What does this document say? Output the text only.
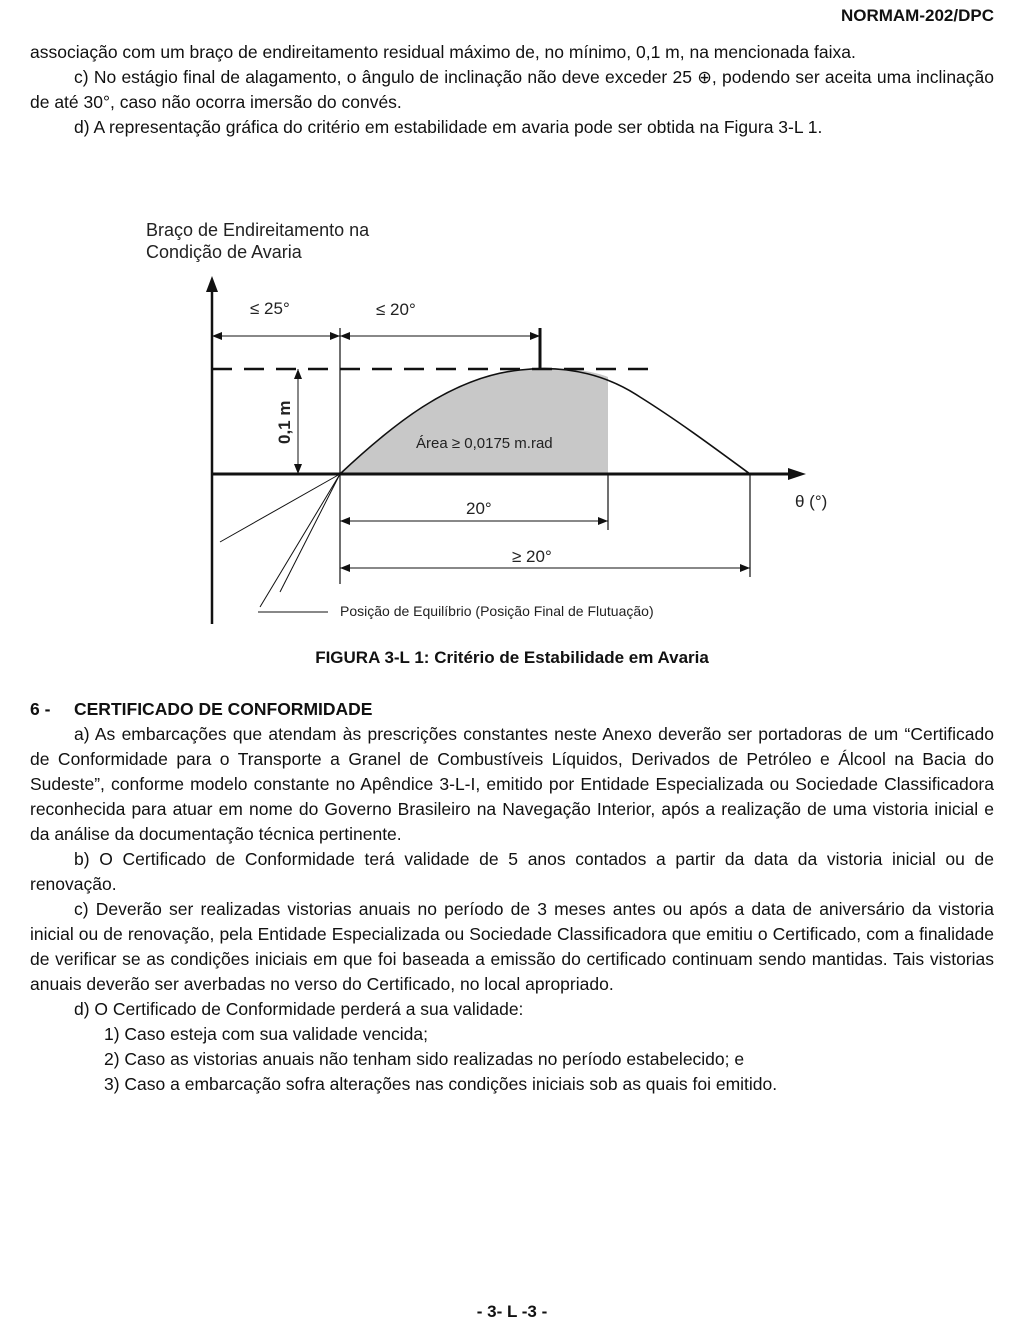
NORMAM-202/DPC

associação com um braço de endireitamento residual máximo de, no mínimo, 0,1 m, na mencionada faixa.

c) No estágio final de alagamento, o ângulo de inclinação não deve exceder 25 ⊕, podendo ser aceita uma inclinação de até 30°, caso não ocorra imersão do convés.

d) A representação gráfica do critério em estabilidade em avaria pode ser obtida na Figura 3-L 1.

Braço de Endireitamento na
Condição de Avaria
≤ 25°	≤ 20°
0,1 m	Área ≥ 0,0175 m.rad
20°
≥ 20°
θ (°)
Posição de Equilíbrio (Posição Final de Flutuação)
FIGURA 3-L 1: Critério de Estabilidade em Avaria
6 - CERTIFICADO DE CONFORMIDADE

a) As embarcações que atendam às prescrições constantes neste Anexo deverão ser portadoras de um “Certificado de Conformidade para o Transporte a Granel de Combustíveis Líquidos, Derivados de Petróleo e Álcool na Bacia do Sudeste”, conforme modelo constante no Apêndice 3-L-I, emitido por Entidade Especializada ou Sociedade Classificadora reconhecida para atuar em nome do Governo Brasileiro na Navegação Interior, após a realização de uma vistoria inicial e da análise da documentação técnica pertinente.

b) O Certificado de Conformidade terá validade de 5 anos contados a partir da data da vistoria inicial ou de renovação.

c) Deverão ser realizadas vistorias anuais no período de 3 meses antes ou após a data de aniversário da vistoria inicial ou de renovação, pela Entidade Especializada ou Sociedade Classificadora que emitiu o Certificado, com a finalidade de verificar se as condições iniciais em que foi baseada a emissão do certificado continuam sendo mantidas. Tais vistorias anuais deverão ser averbadas no verso do Certificado, no local apropriado.

d) O Certificado de Conformidade perderá a sua validade:

1) Caso esteja com sua validade vencida;

2) Caso as vistorias anuais não tenham sido realizadas no período estabelecido; e

3) Caso a embarcação sofra alterações nas condições iniciais sob as quais foi emitido.

- 3- L -3 -
